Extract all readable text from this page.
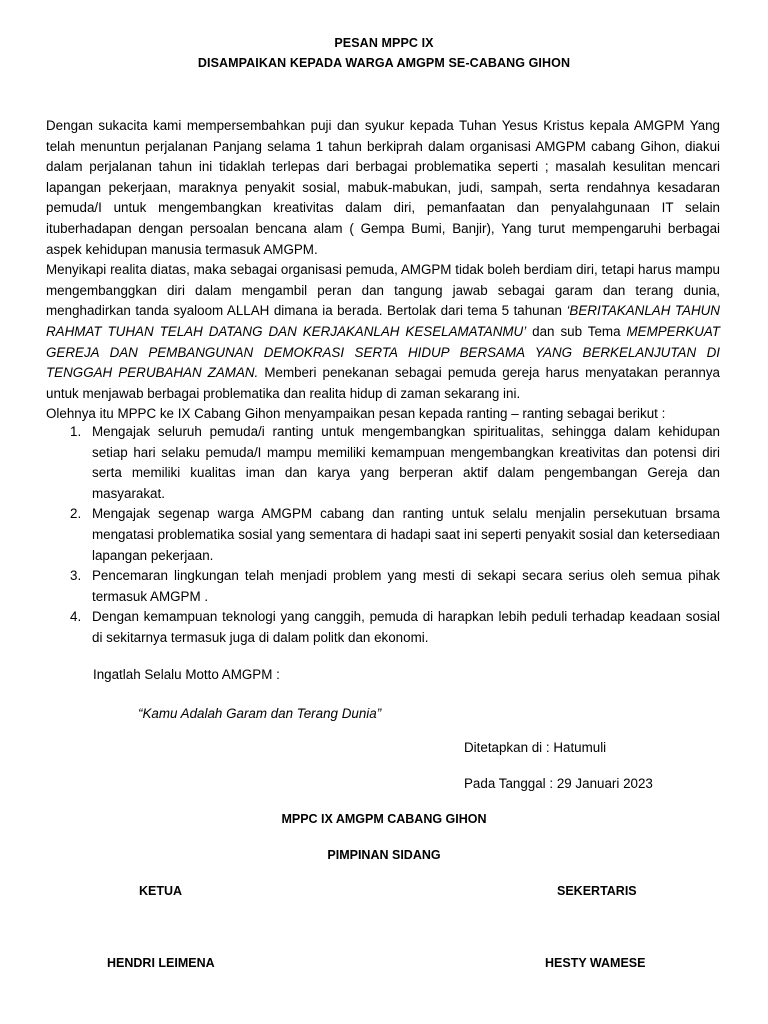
PESAN MPPC IX
DISAMPAIKAN KEPADA WARGA AMGPM SE-CABANG GIHON

Dengan sukacita kami mempersembahkan puji dan syukur kepada Tuhan Yesus Kristus kepala AMGPM Yang telah menuntun perjalanan Panjang selama 1 tahun berkiprah dalam organisasi AMGPM cabang Gihon, diakui dalam perjalanan tahun ini tidaklah terlepas dari berbagai problematika seperti ; masalah kesulitan mencari lapangan pekerjaan, maraknya penyakit sosial, mabuk-mabukan, judi, sampah, serta rendahnya kesadaran pemuda/I untuk mengembangkan kreativitas dalam diri, pemanfaatan dan penyalahgunaan IT selain ituberhadapan dengan persoalan bencana alam ( Gempa Bumi, Banjir), Yang turut mempengaruhi berbagai aspek kehidupan manusia termasuk AMGPM.

Menyikapi realita diatas, maka sebagai organisasi pemuda, AMGPM tidak boleh berdiam diri, tetapi harus mampu mengembanggkan diri dalam mengambil peran dan tangung jawab sebagai garam dan terang dunia, menghadirkan tanda syaloom ALLAH dimana ia berada. Bertolak dari tema 5 tahunan ‘BERITAKANLAH TAHUN RAHMAT TUHAN TELAH DATANG DAN KERJAKANLAH KESELAMATANMU’ dan sub Tema MEMPERKUAT GEREJA DAN PEMBANGUNAN DEMOKRASI SERTA HIDUP BERSAMA YANG BERKELANJUTAN DI TENGGAH PERUBAHAN ZAMAN. Memberi penekanan sebagai pemuda gereja harus menyatakan perannya untuk menjawab berbagai problematika dan realita hidup di zaman sekarang ini.

Olehnya itu MPPC ke IX Cabang Gihon menyampaikan pesan kepada ranting – ranting sebagai berikut :

1. Mengajak seluruh pemuda/i ranting untuk mengembangkan spiritualitas, sehingga dalam kehidupan setiap hari selaku pemuda/I mampu memiliki kemampuan mengembangkan kreativitas dan potensi diri serta memiliki kualitas iman dan karya yang berperan aktif dalam pengembangan Gereja dan masyarakat.
2. Mengajak segenap warga AMGPM cabang dan ranting untuk selalu menjalin persekutuan brsama mengatasi problematika sosial yang sementara di hadapi saat ini seperti penyakit sosial dan ketersediaan lapangan pekerjaan.
3. Pencemaran lingkungan telah menjadi problem yang mesti di sekapi secara serius oleh semua pihak termasuk AMGPM .
4. Dengan kemampuan teknologi yang canggih, pemuda di harapkan lebih peduli terhadap keadaan sosial di sekitarnya termasuk juga di dalam politk dan ekonomi.
Ingatlah Selalu Motto AMGPM :
“Kamu Adalah Garam dan Terang Dunia”
Ditetapkan di : Hatumuli
Pada Tanggal : 29 Januari 2023
MPPC IX AMGPM CABANG GIHON
PIMPINAN SIDANG
KETUA	SEKERTARIS
HENDRI LEIMENA	HESTY WAMESE
